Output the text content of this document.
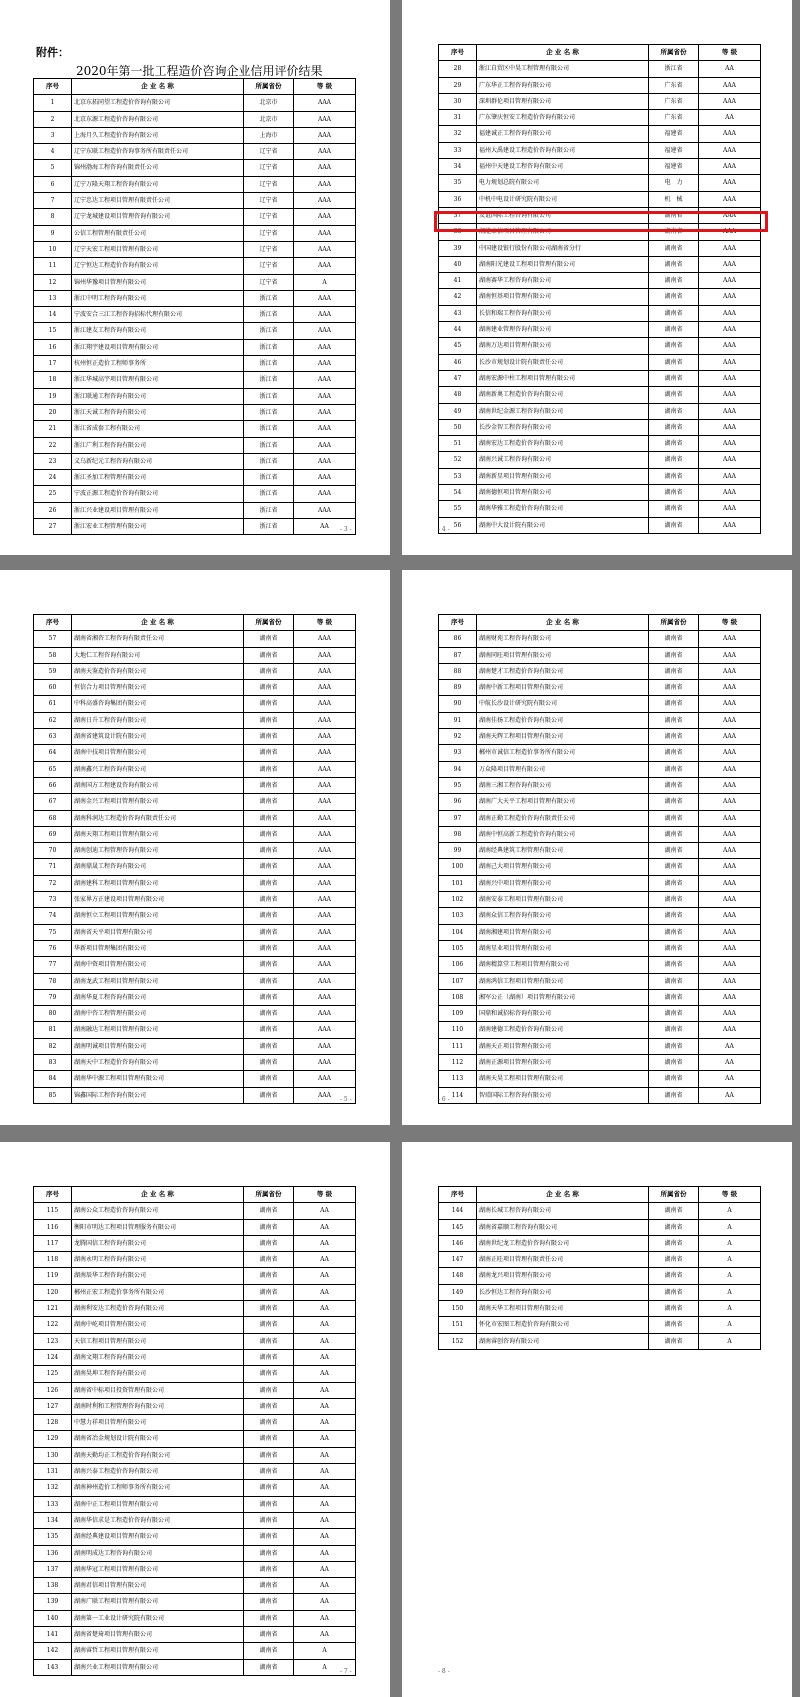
附件：
2020年第一批工程造价咨询企业信用评价结果
序号	企 业 名 称	所属省份	等 级
1	北京东拓同望工程造价咨询有限公司	北京市	AAA
2	北京东源工程造价咨询有限公司	北京市	AAA
3	上海月久工程造价咨询有限公司	上海市	AAA
4	辽宁东联工程造价咨询事务所有限责任公司	辽宁省	AAA
5	锦州渤海工程咨询有限责任公司	辽宁省	AAA
6	辽宁万隆天翔工程咨询有限公司	辽宁省	AAA
7	辽宁忠达工程项目管理有限责任公司	辽宁省	AAA
8	辽宁龙城建设项目管理咨询有限公司	辽宁省	AAA
9	公信工程管理有限责任公司	辽宁省	AAA
10	辽宁天宏工程项目管理有限公司	辽宁省	AAA
11	辽宁恒达工程造价咨询有限公司	辽宁省	AAA
12	锦州华豫项目管理有限公司	辽宁省	A
13	浙江中明工程咨询有限公司	浙江省	AAA
14	宁波安合三江工程咨询招标代理有限公司	浙江省	AAA
15	浙江建友工程咨询有限公司	浙江省	AAA
16	浙江翔宇建设项目管理有限公司	浙江省	AAA
17	杭州恒正造价工程师事务所	浙江省	AAA
18	浙江华城高宇项目管理有限公司	浙江省	AAA
19	浙江联通工程咨询有限公司	浙江省	AAA
20	浙江天诚工程咨询有限公司	浙江省	AAA
21	浙江省成套工程有限公司	浙江省	AAA
22	浙江广利工程咨询有限公司	浙江省	AAA
23	义乌新纪元工程咨询有限公司	浙江省	AAA
24	浙江圣加工程管理有限公司	浙江省	AAA
25	宁波正源工程造价咨询有限公司	浙江省	AAA
26	浙江兴业建设项目管理有限公司	浙江省	AAA
27	浙江宏业工程管理有限公司	浙江省	AA - 3 -
序号	企 业 名 称	所属省份	等 级
28	浙江自贸区中昊工程管理有限公司	浙江省	AA
29	广东华正工程咨询有限公司	广东省	AAA
30	深圳群伦项目管理有限公司	广东省	AAA
31	广东肇庆恒安工程造价咨询有限公司	广东省	AA
32	福建诚正工程咨询有限公司	福建省	AAA
33	福州大禹建设工程造价咨询有限公司	福建省	AAA
34	福州中天建设工程咨询有限公司	福建省	AAA
35	电力规划总院有限公司	电　力	AAA
36	中机中电设计研究院有限公司	机　械	AAA
37	友谊国际工程咨询有限公司	湖南省	AAA
38	湘能卓信项目管理有限公司	湖南省	AAA
39	中国建设银行股份有限公司湖南省分行	湖南省	AAA
40	湖南阳光建设工程项目管理有限公司	湖南省	AAA
41	湖南赛华工程咨询有限公司	湖南省	AAA
42	湖南恒基项目管理有限公司	湖南省	AAA
43	长信和瑞工程咨询有限公司	湖南省	AAA
44	湖南建业管理咨询有限公司	湖南省	AAA
45	湖南万达项目管理有限公司	湖南省	AAA
46	长沙市规划设计院有限责任公司	湖南省	AAA
47	湖南宏源中柱工程项目管理有限公司	湖南省	AAA
48	湖南新奥工程造价咨询有限公司	湖南省	AAA
49	湖南世纪金源工程咨询有限公司	湖南省	AAA
50	长沙金智工程咨询有限公司	湖南省	AAA
51	湖南宏达工程造价咨询有限公司	湖南省	AAA
52	湖南兴诚工程咨询有限公司	湖南省	AAA
53	湖南新星项目管理有限公司	湖南省	AAA
54	湖南德恒项目管理有限公司	湖南省	AAA
55	湖南华雅工程造价咨询有限公司	湖南省	AAA
56	湖南中大设计院有限公司	湖南省	AAA
- 4 -
序号	企 业 名 称	所属省份	等 级
57	湖南省湘咨工程咨询有限责任公司	湖南省	AAA
58	大地仁工程咨询有限公司	湖南省	AAA
59	湖南天鉴造价咨询有限公司	湖南省	AAA
60	恒信合力项目管理有限公司	湖南省	AAA
61	中科高盛咨询集团有限公司	湖南省	AAA
62	湖南日升工程咨询有限公司	湖南省	AAA
63	湖南省建筑设计院有限公司	湖南省	AAA
64	湖南中技项目管理有限公司	湖南省	AAA
65	湖南鑫兴工程咨询有限公司	湖南省	AAA
66	湖南国方工程建设咨询有限公司	湖南省	AAA
67	湖南金兴工程项目管理有限公司	湖南省	AAA
68	湖南科润达工程造价咨询有限责任公司	湖南省	AAA
69	湖南天翔工程项目管理有限公司	湖南省	AAA
70	湖南创迪工程管理咨询有限公司	湖南省	AAA
71	湖南鼎晟工程咨询有限公司	湖南省	AAA
72	湖南建科工程项目管理有限公司	湖南省	AAA
73	张家界方正建设项目管理有限公司	湖南省	AAA
74	湖南恒立工程项目管理有限公司	湖南省	AAA
75	湖南省天平项目管理有限公司	湖南省	AAA
76	华新项目管理集团有限公司	湖南省	AAA
77	湖南中资项目管理有限公司	湖南省	AAA
78	湖南龙武工程项目管理有限公司	湖南省	AAA
79	湖南华夏工程咨询有限公司	湖南省	AAA
80	湖南中咨工程管理有限公司	湖南省	AAA
81	湖南融达工程项目管理有限公司	湖南省	AAA
82	湖南明诚项目管理有限公司	湖南省	AAA
83	湖南天中工程造价咨询有限公司	湖南省	AAA
84	湖南华中源工程项目管理有限公司	湖南省	AAA
85	锦鑫国际工程咨询有限公司	湖南省	AAA
- 5 -
序号	企 业 名 称	所属省份	等 级
86	湖南财苑工程咨询有限公司	湖南省	AAA
87	湖南同旺项目管理有限公司	湖南省	AAA
88	湖南楚才工程造价咨询有限公司	湖南省	AAA
89	湖南中新工程项目管理有限公司	湖南省	AAA
90	中航长沙设计研究院有限公司	湖南省	AAA
91	湖南佳扬工程造价咨询有限公司	湖南省	AAA
92	湖南天辉工程项目管理有限公司	湖南省	AAA
93	郴州市诚信工程造价事务所有限公司	湖南省	AAA
94	万众隆项目管理有限公司	湖南省	AAA
95	湖南三湘工程咨询有限公司	湖南省	AAA
96	湖南广大天平工程项目管理有限公司	湖南省	AAA
97	湖南正勤工程造价咨询有限责任公司	湖南省	AAA
98	湖南中恒高新工程造价咨询有限公司	湖南省	AAA
99	湖南经典建筑工程管理有限公司	湖南省	AAA
100	湖南己大项目管理有限公司	湖南省	AAA
101	湖南兴中项目管理有限公司	湖南省	AAA
102	湖南安泰工程项目管理有限公司	湖南省	AAA
103	湖南众信工程咨询有限公司	湖南省	AAA
104	湖南湘建项目管理有限公司	湖南省	AAA
105	湖南星业项目管理有限公司	湖南省	AAA
106	湖南精算堂工程项目管理有限公司	湖南省	AAA
107	湖南鸿信工程项目管理有限公司	湖南省	AAA
108	湘军公正（湖南）项目管理有限公司	湖南省	AAA
109	国鼎和诚招标咨询有限公司	湖南省	AAA
110	湖南建德工程造价咨询有限公司	湖南省	AAA
111	湖南天正项目管理有限公司	湖南省	AA
112	湖南正源项目管理有限公司	湖南省	AA
113	湖南天昊工程项目管理有限公司	湖南省	AA
114	智靖国际工程咨询有限公司	湖南省	AA
- 6 -
序号	企 业 名 称	所属省份	等 级
115	湖南公众工程造价咨询有限公司	湖南省	AA
116	衡阳市明达工程项目管理服务有限公司	湖南省	AA
117	龙腾国信工程咨询有限公司	湖南省	AA
118	湖南永明工程咨询有限公司	湖南省	AA
119	湖南辰华工程咨询有限公司	湖南省	AA
120	郴州正宏工程造价事务所有限公司	湖南省	AA
121	湖南利安达工程造价咨询有限公司	湖南省	AA
122	湖南中屹项目管理有限公司	湖南省	AA
123	天信工程项目管理有限公司	湖南省	AA
124	湖南文翔工程咨询有限公司	湖南省	AA
125	湖南昊坤工程咨询有限公司	湖南省	AA
126	湖南省中标项目投资管理有限公司	湖南省	AA
127	湖南时利和工程管理咨询有限公司	湖南省	AA
128	中慧力祥项目管理有限公司	湖南省	AA
129	湖南省冶金规划设计院有限公司	湖南省	AA
130	湖南天勤均正工程造价咨询有限公司	湖南省	AA
131	湖南兴泰工程造价咨询有限公司	湖南省	AA
132	湖南神州造价工程师事务所有限公司	湖南省	AA
133	湖南中正工程项目管理有限公司	湖南省	AA
134	湖南华信求是工程造价咨询有限公司	湖南省	AA
135	湖南经典建设项目管理有限公司	湖南省	AA
136	湖南明成达工程咨询有限公司	湖南省	AA
137	湖南华冠工程项目管理有限公司	湖南省	AA
138	湖南君信项目管理有限公司	湖南省	AA
139	湖南广联工程项目管理有限公司	湖南省	AA
140	湖南第一工业设计研究院有限公司	湖南省	AA
141	湖南省楚琦项目管理有限公司	湖南省	AA
142	湖南睿哲工程项目管理有限公司	湖南省	A
143	湖南兴业工程项目管理有限公司	湖南省	A
- 7 -
序号	企 业 名 称	所属省份	等 级
144	湖南长城工程咨询有限公司	湖南省	A
145	湖南省嘉顺工程咨询有限公司	湖南省	A
146	湖南世纪龙工程造价咨询有限公司	湖南省	A
147	湖南正旺项目管理有限责任公司	湖南省	A
148	湖南龙兴项目管理有限公司	湖南省	A
149	长沙恒达工程咨询有限公司	湖南省	A
150	湖南天华工程项目管理有限公司	湖南省	A
151	怀化市宏图工程造价咨询有限公司	湖南省	A
152	湖南睿创咨询有限公司	湖南省	A
- 8 -
